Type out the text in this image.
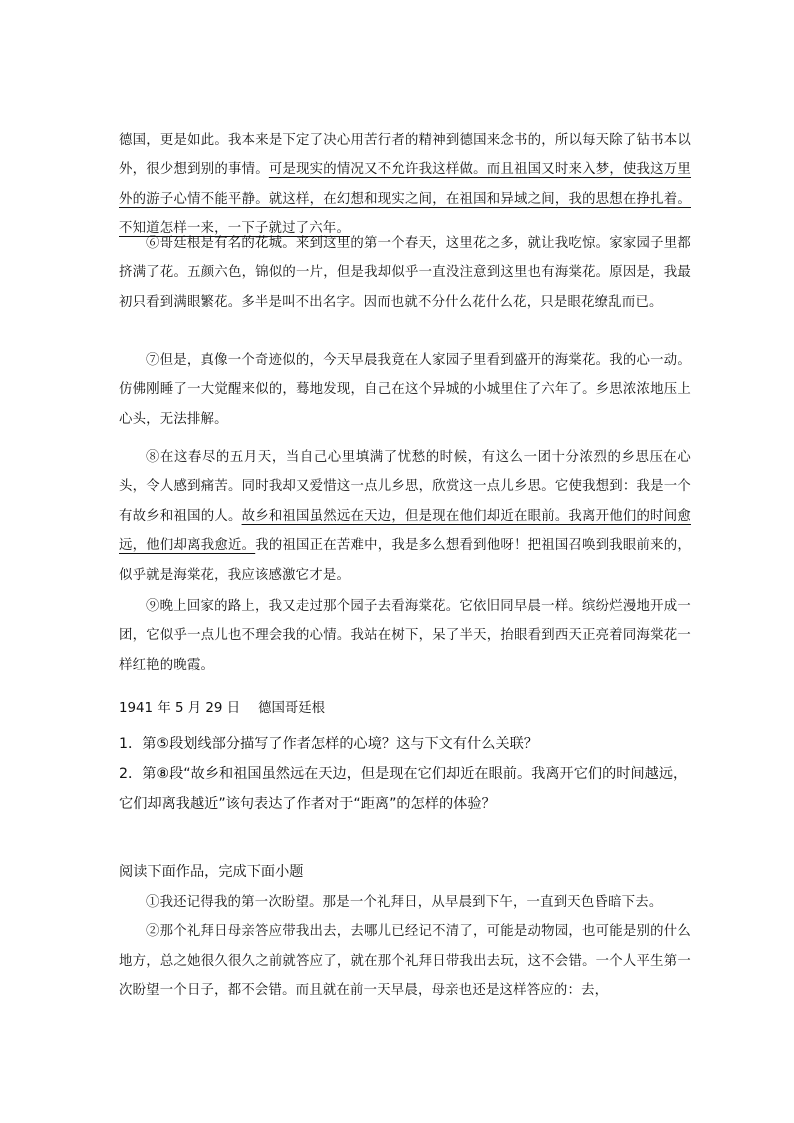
德国，更是如此。我本来是下定了决心用苦行者的精神到德国来念书的，所以每天除了钻书本以外，很少想到别的事情。可是现实的情况又不允许我这样做。而且祖国又时来入梦，使我这万里外的游子心情不能平静。就这样，在幻想和现实之间，在祖国和异域之间，我的思想在挣扎着。不知道怎样一来，一下子就过了六年。

⑥哥廷根是有名的花城。来到这里的第一个春天，这里花之多，就让我吃惊。家家园子里都挤满了花。五颜六色，锦似的一片，但是我却似乎一直没注意到这里也有海棠花。原因是，我最初只看到满眼繁花。多半是叫不出名字。因而也就不分什么花什么花，只是眼花缭乱而已。

⑦但是，真像一个奇迹似的，今天早晨我竟在人家园子里看到盛开的海棠花。我的心一动。仿佛刚睡了一大觉醒来似的，蓦地发现，自己在这个异城的小城里住了六年了。乡思浓浓地压上心头，无法排解。

⑧在这春尽的五月天，当自己心里填满了忧愁的时候，有这么一团十分浓烈的乡思压在心头，令人感到痛苦。同时我却又爱惜这一点儿乡思，欣赏这一点儿乡思。它使我想到：我是一个有故乡和祖国的人。故乡和祖国虽然远在天边，但是现在他们却近在眼前。我离开他们的时间愈远，他们却离我愈近。我的祖国正在苦难中，我是多么想看到他呀！把祖国召唤到我眼前来的，似乎就是海棠花，我应该感激它才是。

⑨晚上回家的路上，我又走过那个园子去看海棠花。它依旧同早晨一样。缤纷烂漫地开成一团，它似乎一点儿也不理会我的心情。我站在树下，呆了半天，抬眼看到西天正亮着同海棠花一样红艳的晚霞。

1941 年 5 月 29 日 德国哥廷根

1．第⑤段划线部分描写了作者怎样的心境？这与下文有什么关联？

2．第⑧段“故乡和祖国虽然远在天边，但是现在它们却近在眼前。我离开它们的时间越远，它们却离我越近”该句表达了作者对于“距离”的怎样的体验？

阅读下面作品，完成下面小题

①我还记得我的第一次盼望。那是一个礼拜日，从早晨到下午，一直到天色昏暗下去。

②那个礼拜日母亲答应带我出去，去哪儿已经记不清了，可能是动物园，也可能是别的什么地方，总之她很久很久之前就答应了，就在那个礼拜日带我出去玩，这不会错。一个人平生第一次盼望一个日子，都不会错。而且就在前一天早晨，母亲也还是这样答应的：去，
